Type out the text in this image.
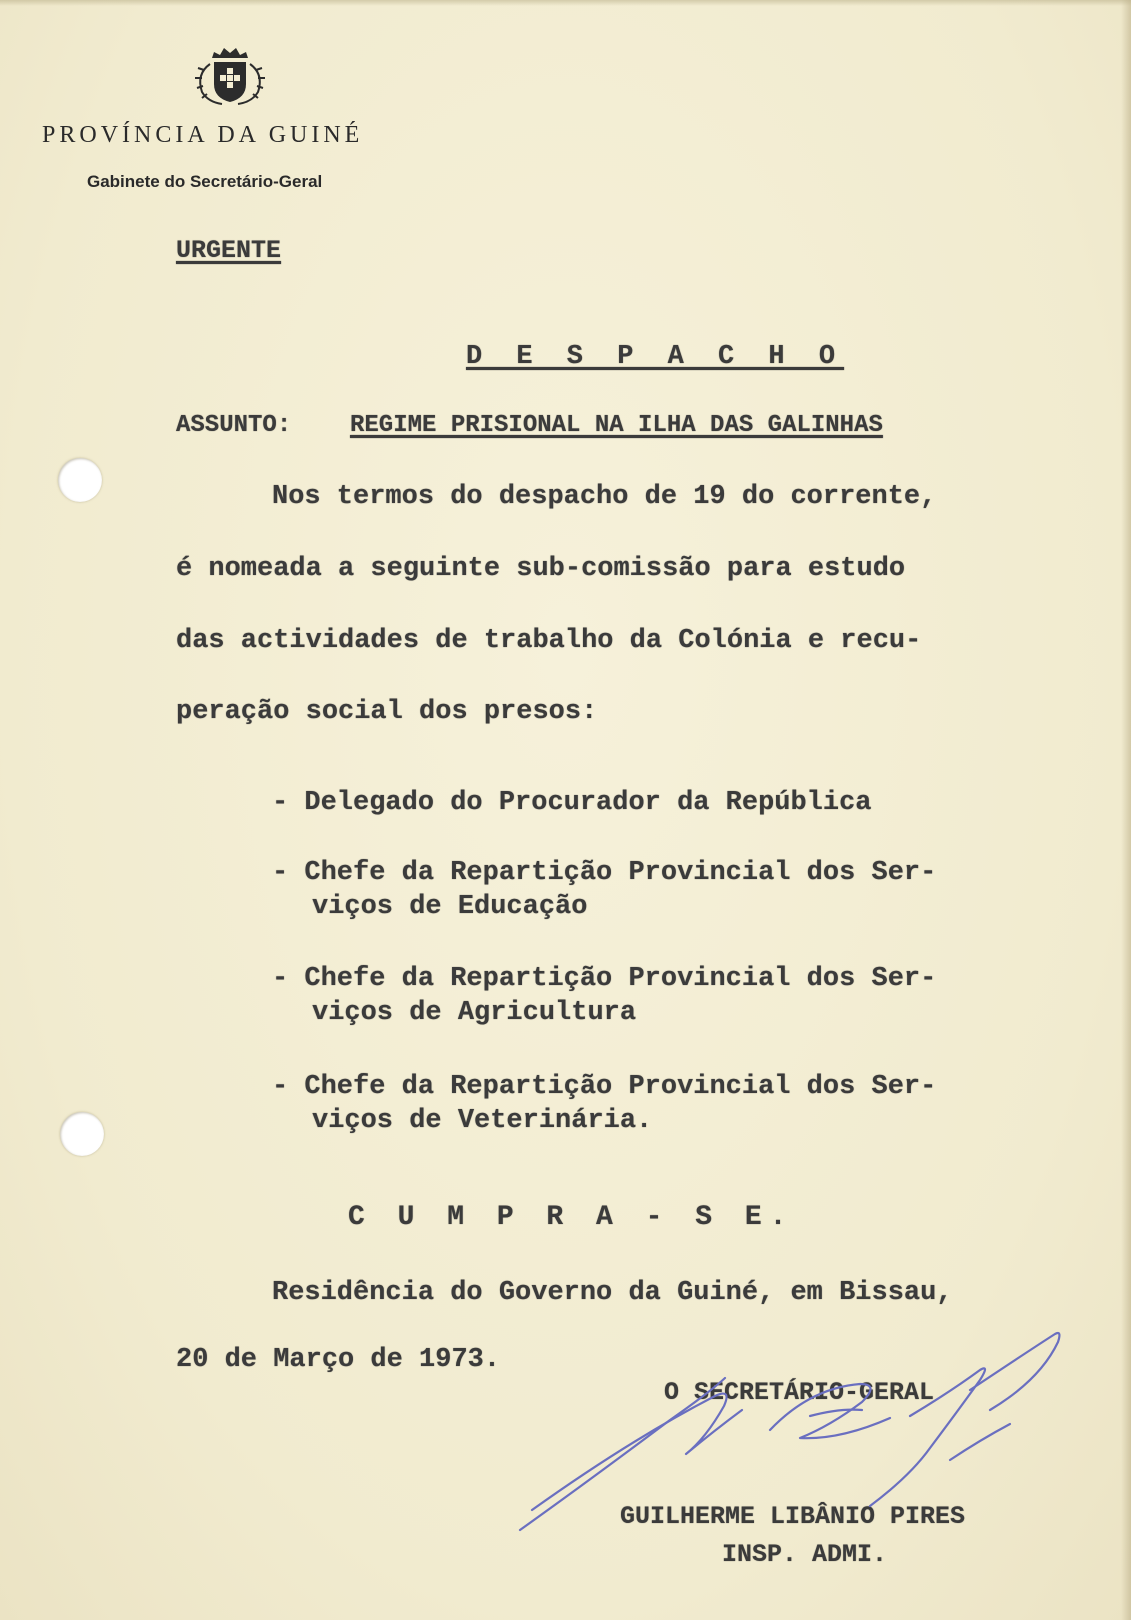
PROVÍNCIA DA GUINÉ
Gabinete do Secretário-Geral
URGENTE
D E S P A C H O
ASSUNTO: REGIME PRISIONAL NA ILHA DAS GALINHAS
Nos termos do despacho de 19 do corrente,
é nomeada a seguinte sub-comissão para estudo
das actividades de trabalho da Colónia e recu-
peração social dos presos:
- Delegado do Procurador da República
- Chefe da Repartição Provincial dos Ser-
viços de Educação
- Chefe da Repartição Provincial dos Ser-
viços de Agricultura
- Chefe da Repartição Provincial dos Ser-
viços de Veterinária.
C U M P R A - S E.
Residência do Governo da Guiné, em Bissau,
20 de Março de 1973.
O SECRETÁRIO-GERAL
GUILHERME LIBÂNIO PIRES
INSP. ADMI.
